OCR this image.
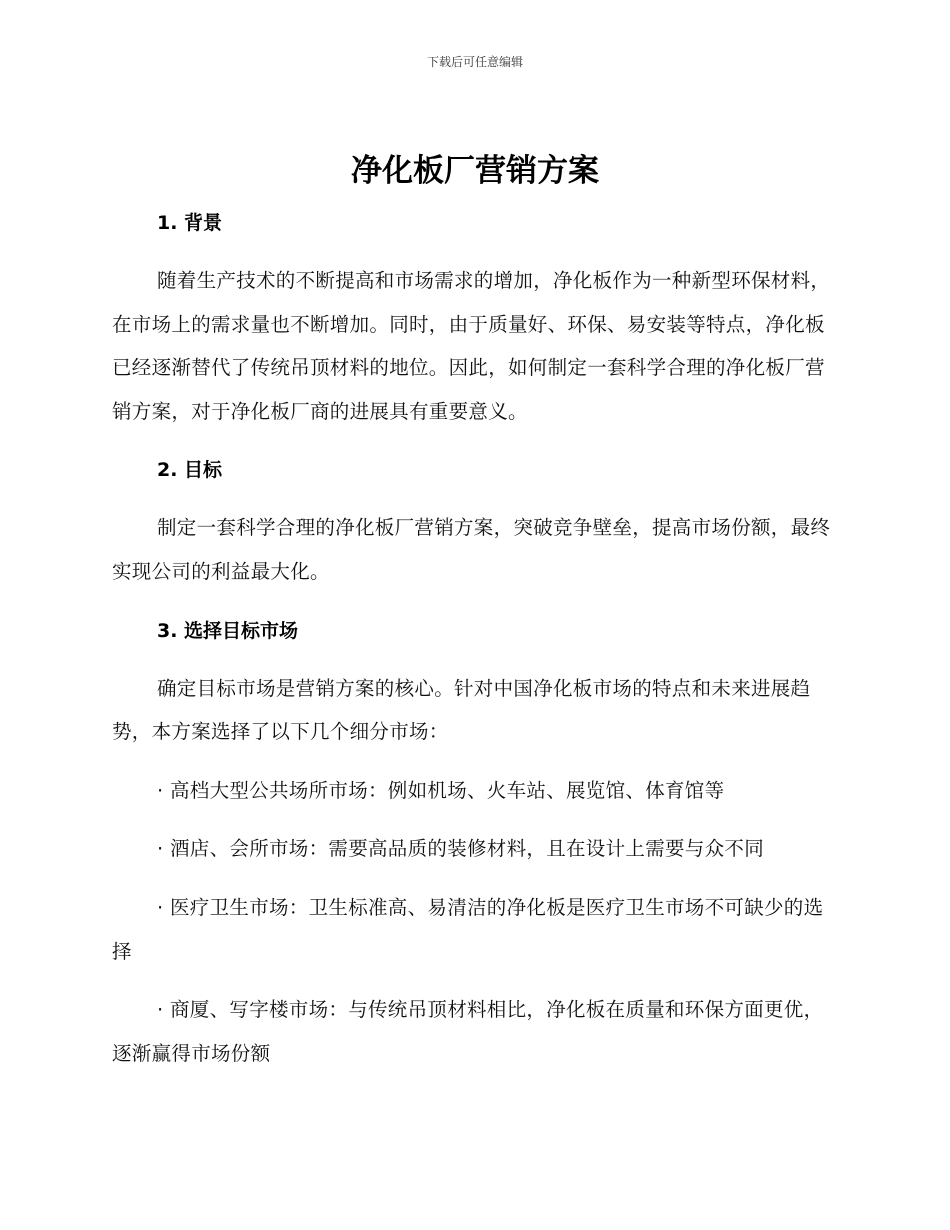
下载后可任意编辑
净化板厂营销方案
1. 背景

随着生产技术的不断提高和市场需求的增加，净化板作为一种新型环保材料，在市场上的需求量也不断增加。同时，由于质量好、环保、易安装等特点，净化板已经逐渐替代了传统吊顶材料的地位。因此，如何制定一套科学合理的净化板厂营销方案，对于净化板厂商的进展具有重要意义。

2. 目标

制定一套科学合理的净化板厂营销方案，突破竞争壁垒，提高市场份额，最终实现公司的利益最大化。

3. 选择目标市场

确定目标市场是营销方案的核心。针对中国净化板市场的特点和未来进展趋势，本方案选择了以下几个细分市场：

· 高档大型公共场所市场：例如机场、火车站、展览馆、体育馆等

· 酒店、会所市场：需要高品质的装修材料，且在设计上需要与众不同

· 医疗卫生市场：卫生标准高、易清洁的净化板是医疗卫生市场不可缺少的选择

· 商厦、写字楼市场：与传统吊顶材料相比，净化板在质量和环保方面更优，逐渐赢得市场份额
